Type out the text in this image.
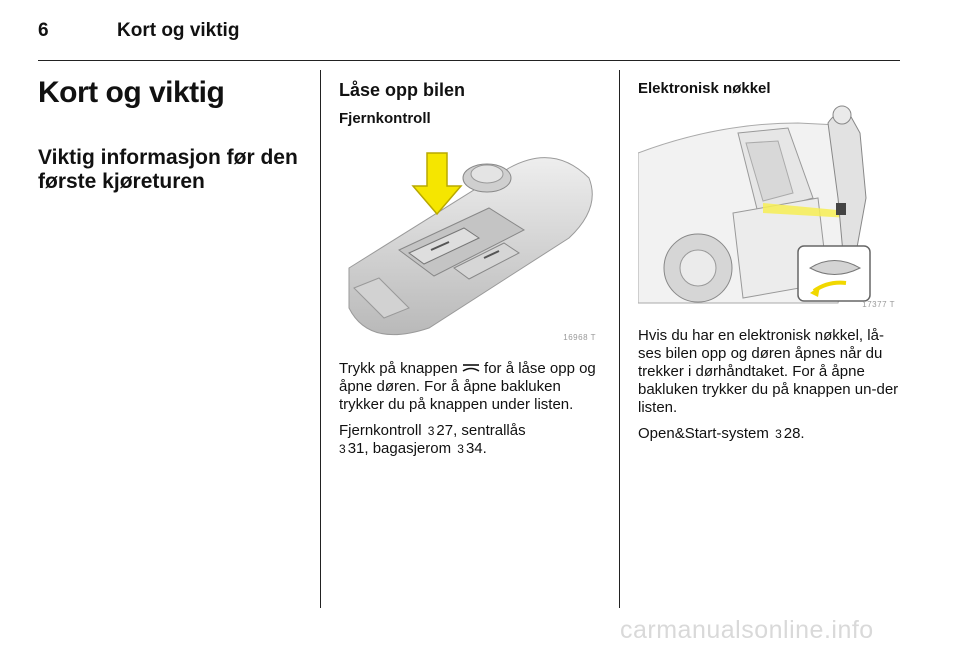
6	Kort og viktig
Kort og viktig
Viktig informasjon før den første kjøreturen
Låse opp bilen
Fjernkontroll
16968 T

Trykk på knappen for å låse opp og åpne døren. For å åpne bakluken trykker du på knappen under listen.

Fjernkontroll 3 27, sentrallås
3 31, bagasjerom 3 34.

Elektronisk nøkkel
17377 T

Hvis du har en elektronisk nøkkel, lå-ses bilen opp og døren åpnes når du trekker i dørhåndtaket. For å åpne bakluken trykker du på knappen un-der listen.

Open&Start-system 3 28.

carmanualsonline.info
